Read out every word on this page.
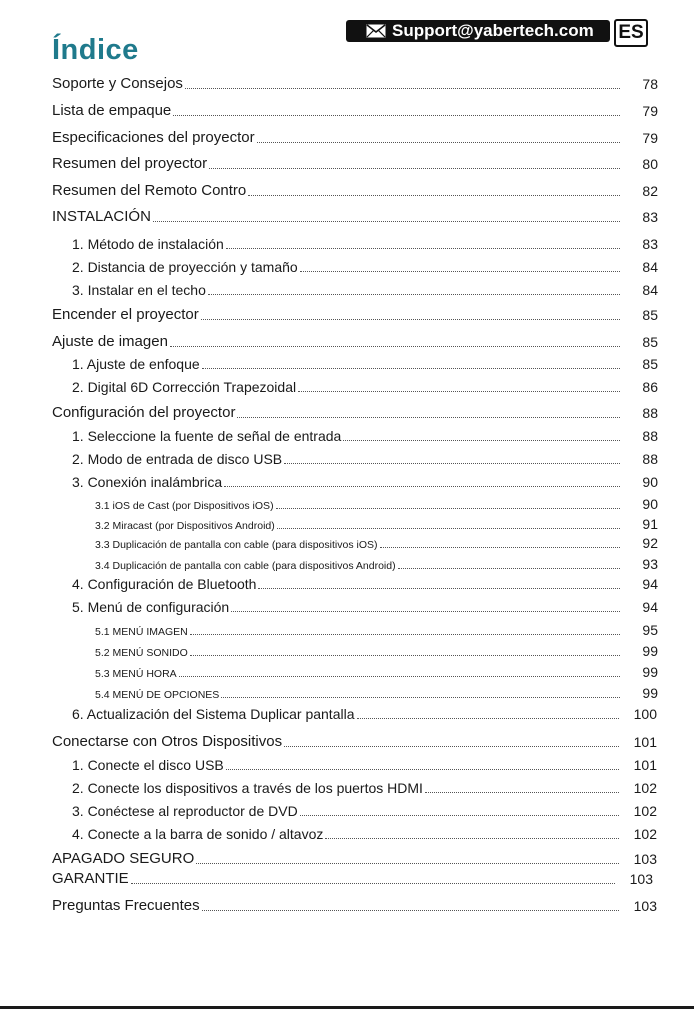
Support@yabertech.com ES
Índice
Soporte y Consejos	78
Lista de empaque	79
Especificaciones del proyector	79
Resumen del proyector	80
Resumen del Remoto Contro	82
INSTALACIÓN	83
1. Método de instalación	83
2. Distancia de proyección y tamaño	84
3. Instalar en el techo	84
Encender el proyector	85
Ajuste de imagen	85
1. Ajuste de enfoque	85
2. Digital 6D Corrección Trapezoidal	86
Configuración del proyector	88
1. Seleccione la fuente de señal de entrada	88
2. Modo de entrada de disco USB	88
3. Conexión inalámbrica	90
3.1 iOS de Cast (por Dispositivos iOS)	90
3.2 Miracast (por Dispositivos Android)	91
3.3 Duplicación de pantalla con cable (para dispositivos iOS)	92
3.4 Duplicación de pantalla con cable (para dispositivos Android)	93
4. Configuración de Bluetooth	94
5. Menú de configuración	94
5.1 MENÚ IMAGEN	95
5.2 MENÚ SONIDO	99
5.3 MENÚ HORA	99
5.4 MENÚ DE OPCIONES	99
6. Actualización del Sistema Duplicar pantalla	100
Conectarse con Otros Dispositivos	101
1. Conecte el disco USB	101
2. Conecte los dispositivos a través de los puertos HDMI	102
3. Conéctese al reproductor de DVD	102
4. Conecte a la barra de sonido / altavoz	102
APAGADO SEGURO	103
GARANTIE	103
Preguntas Frecuentes	103
